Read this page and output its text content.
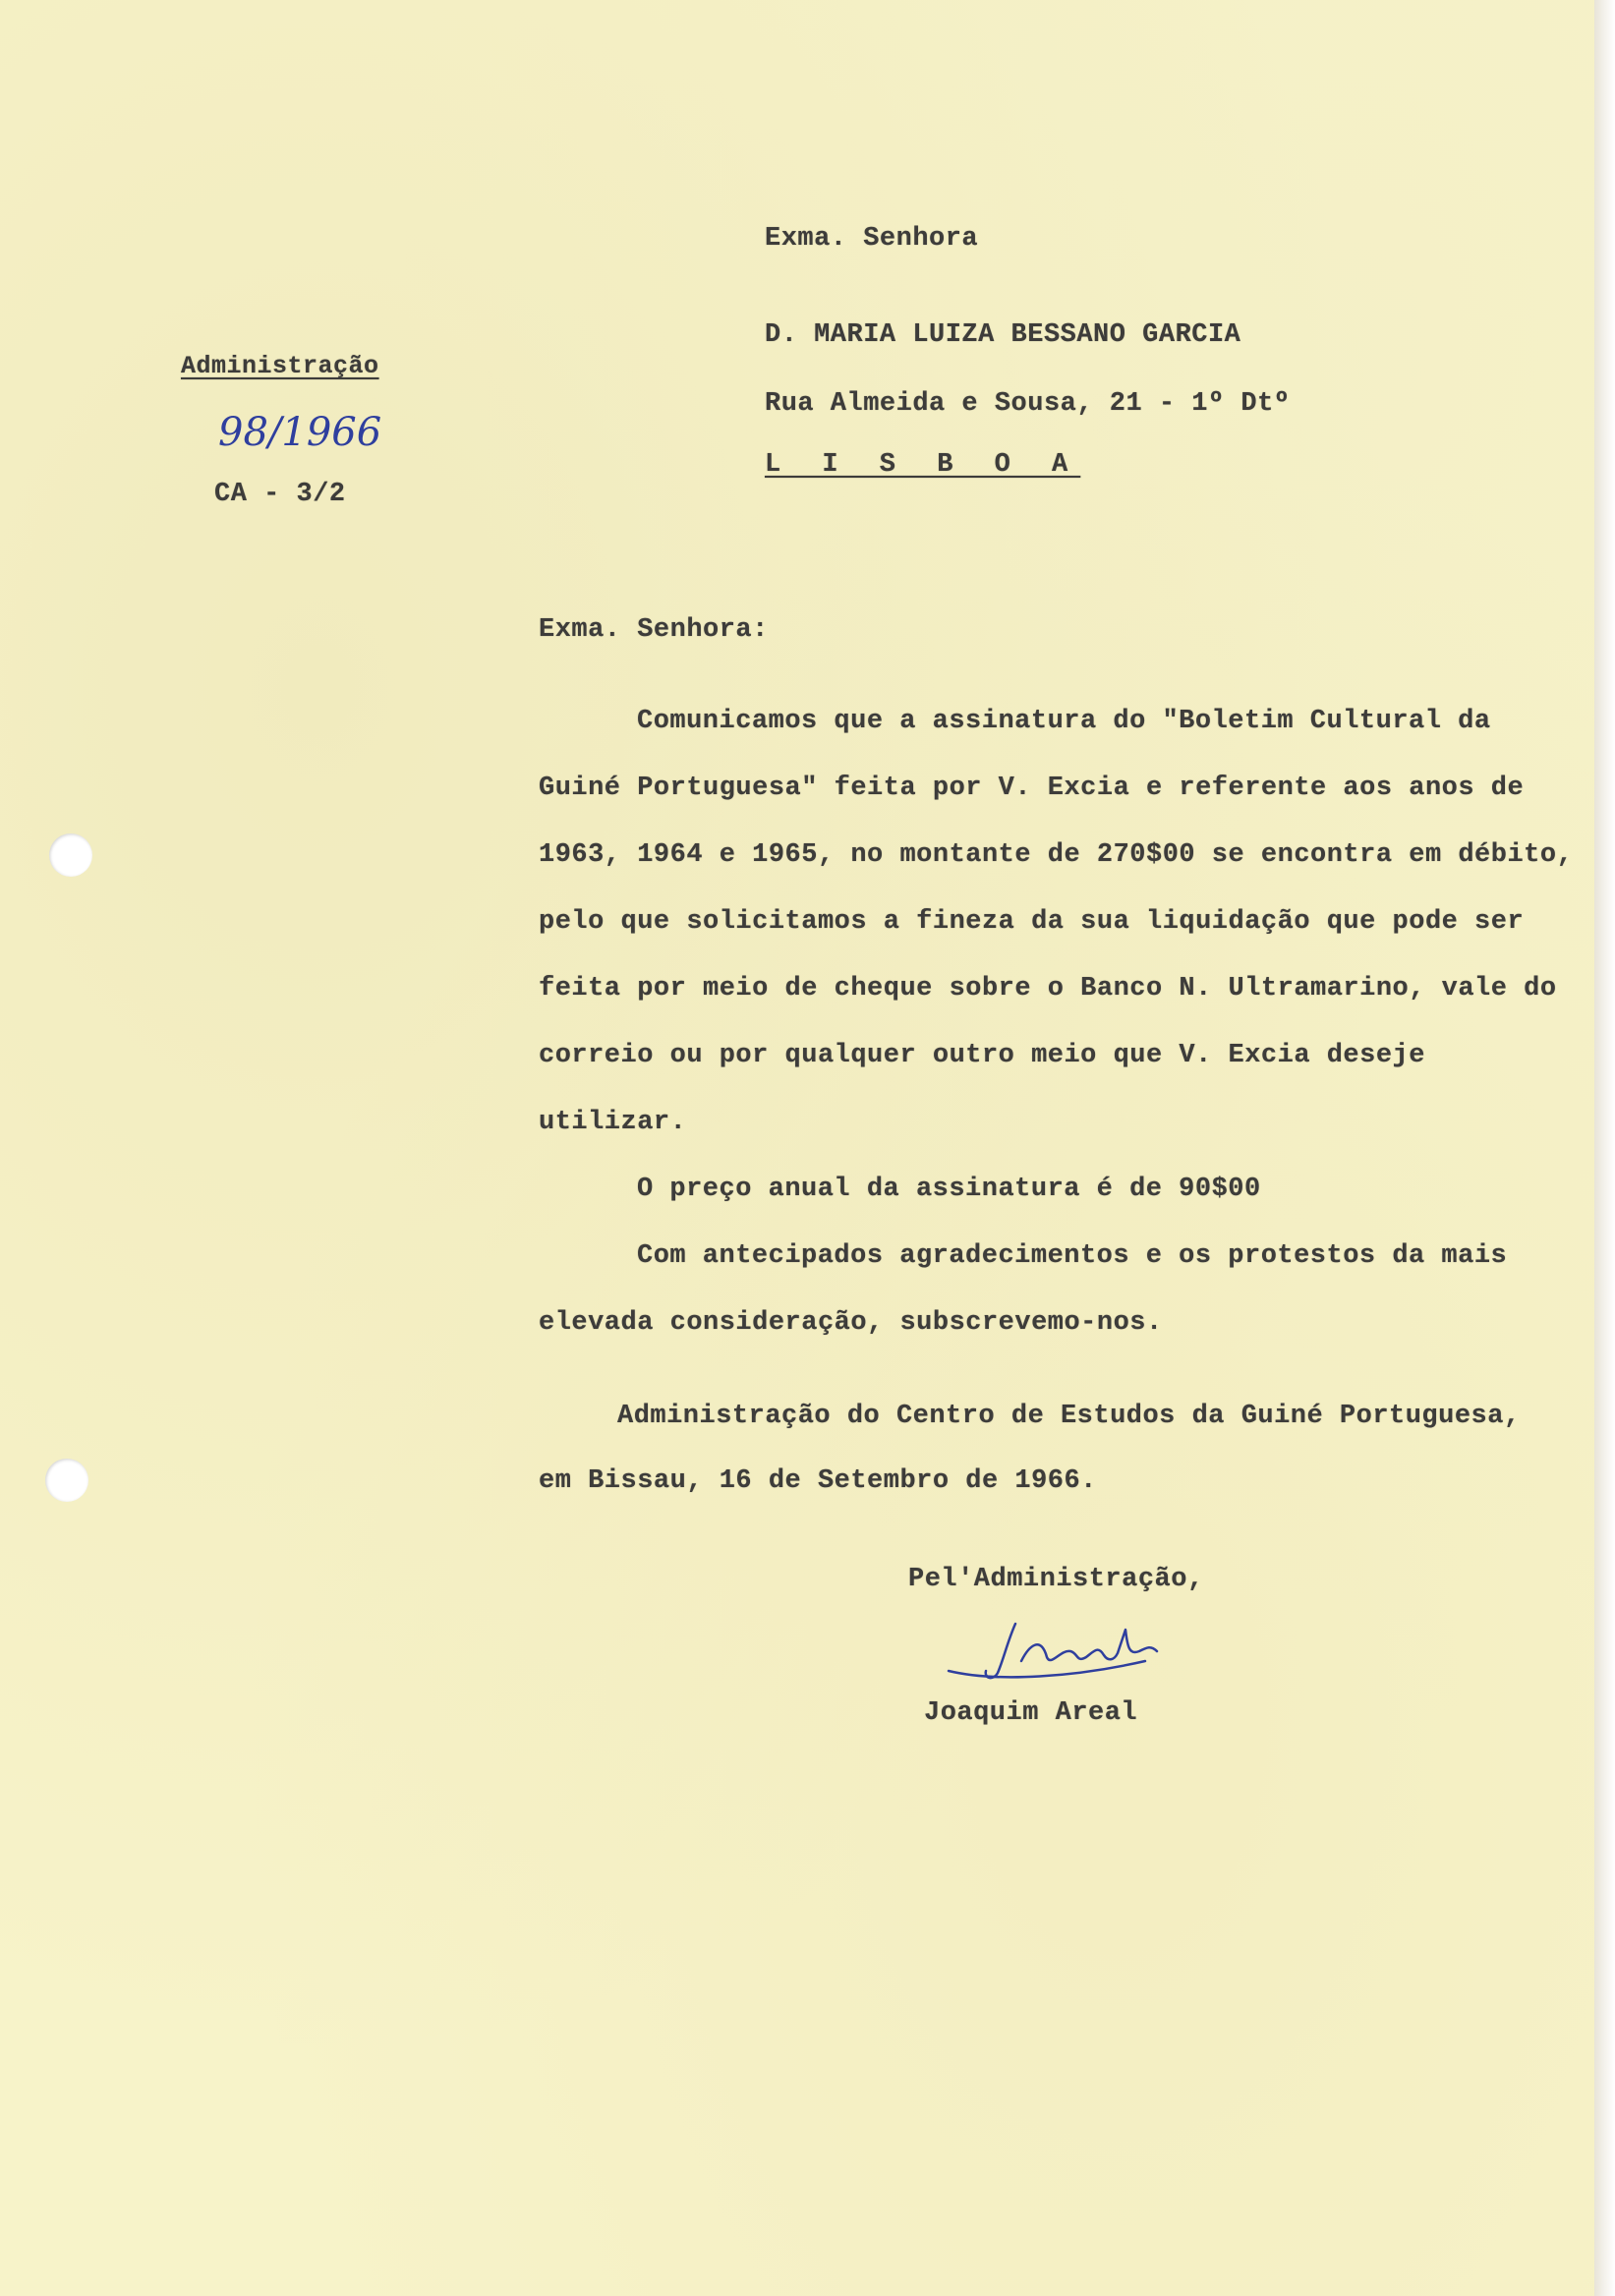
Exma. Senhora
D. MARIA LUIZA BESSANO GARCIA
Rua Almeida e Sousa, 21 - 1º Dtº
L I S B O A
Administração
98/1966
CA - 3/2
Exma. Senhora:

Comunicamos que a assinatura do "Boletim Cultural da Guiné Portuguesa" feita por V. Excia e referente aos anos de 1963, 1964 e 1965, no montante de 270$00 se encontra em débito, pelo que solicitamos a fineza da sua liquidação que pode ser feita por meio de cheque sobre o Banco N. Ultramarino, vale do correio ou por qualquer outro meio que V. Excia deseje utilizar.

O preço anual da assinatura é de 90$00

Com antecipados agradecimentos e os protestos da mais elevada consideração, subscrevemo-nos.

Administração do Centro de Estudos da Guiné Portuguesa,
em Bissau, 16 de Setembro de 1966.
Pel'Administração,
Joaquim Areal
